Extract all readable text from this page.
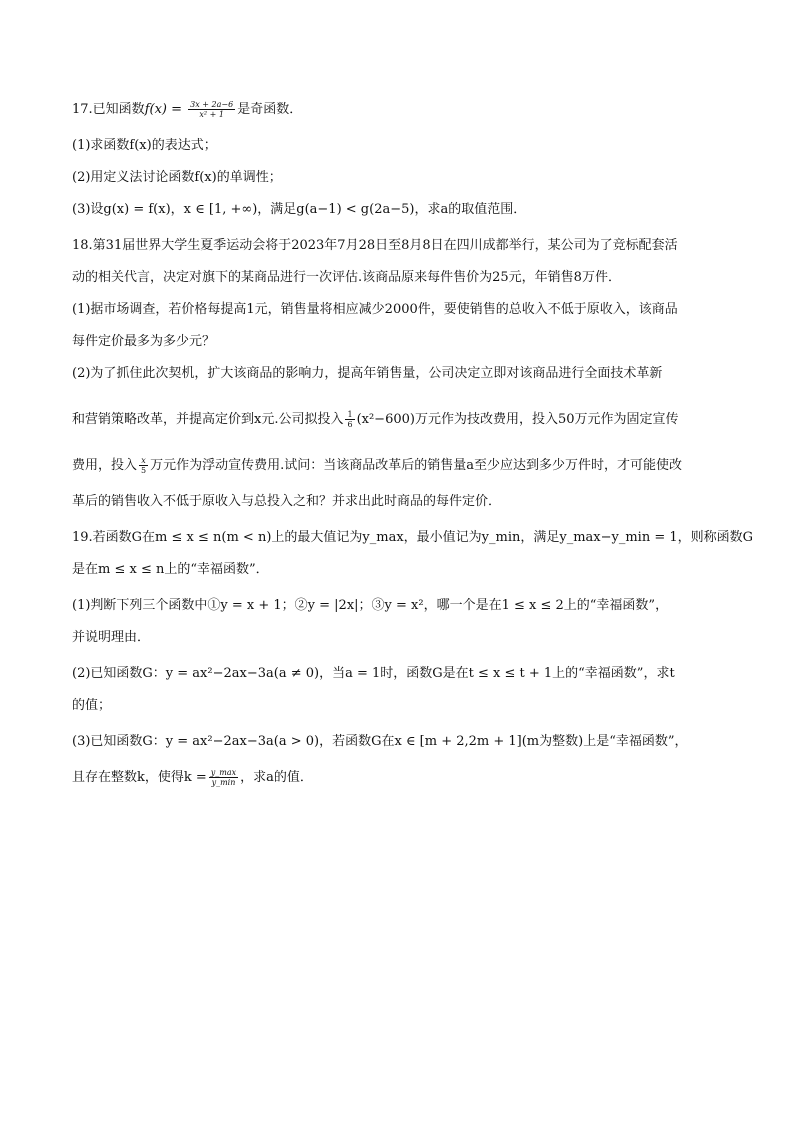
17.已知函数$f(x) = \frac{3x + 2a-6}{\text{x² + 1}}$ 是奇函数．
(1)求函数f(x)的表达式；
(2)用定义法讨论函数f(x)的单调性；
(3)设g(x) = f(x)，x ∈ [1, +∞)，满足g(a−1) < g(2a−5)，求a的取值范围．
18.第31届世界大学生夏季运动会将于2023年7月28日至8月8日在四川成都举行，某公司为了竞标配套活
动的相关代言，决定对旗下的某商品进行一次评估.该商品原来每件售价为25元，年销售8万件．
(1)据市场调查，若价格每提高1元，销售量将相应减少2000件，要使销售的总收入不低于原收入，该商品
每件定价最多为多少元？
(2)为了抓住此次契机，扩大该商品的影响力，提高年销售量，公司决定立即对该商品进行全面技术革新
和营销策略改革，并提高定价到x元.公司拟投入 $\frac{1}{6} (x^2-600)$万元作为技改费用，投入50万元作为固定宣传
费用，投入 $\frac{x}{5}$ 万元作为浮动宣传费用.试问：当该商品改革后的销售量a至少应达到多少万件时，才可能使改
革后的销售收入不低于原收入与总投入之和？并求出此时商品的每件定价．
19.若函数G在m ≤ x ≤ n(m < n)上的最大值记为y_max，最小值记为y_min，满足y_max−y_min = 1，则称函数G
是在m ≤ x ≤ n上的“幸福函数”．
(1)判断下列三个函数中①y = x + 1；②y = |2x|；③y = x²，哪一个是在1 ≤ x ≤ 2上的“幸福函数”，
并说明理由．
(2)已知函数G：y = ax²−2ax−3a(a ≠ 0)，当a = 1时，函数G是在t ≤ x ≤ t + 1上的“幸福函数”，求t
的值；
(3)已知函数G：y = ax²−2ax−3a(a > 0)，若函数G在x ∈ [m + 2,2m + 1](m为整数)上是“幸福函数”，
且存在整数k，使得$k = \frac{y\_\max}{y\_\min}$ ，求a的值．
